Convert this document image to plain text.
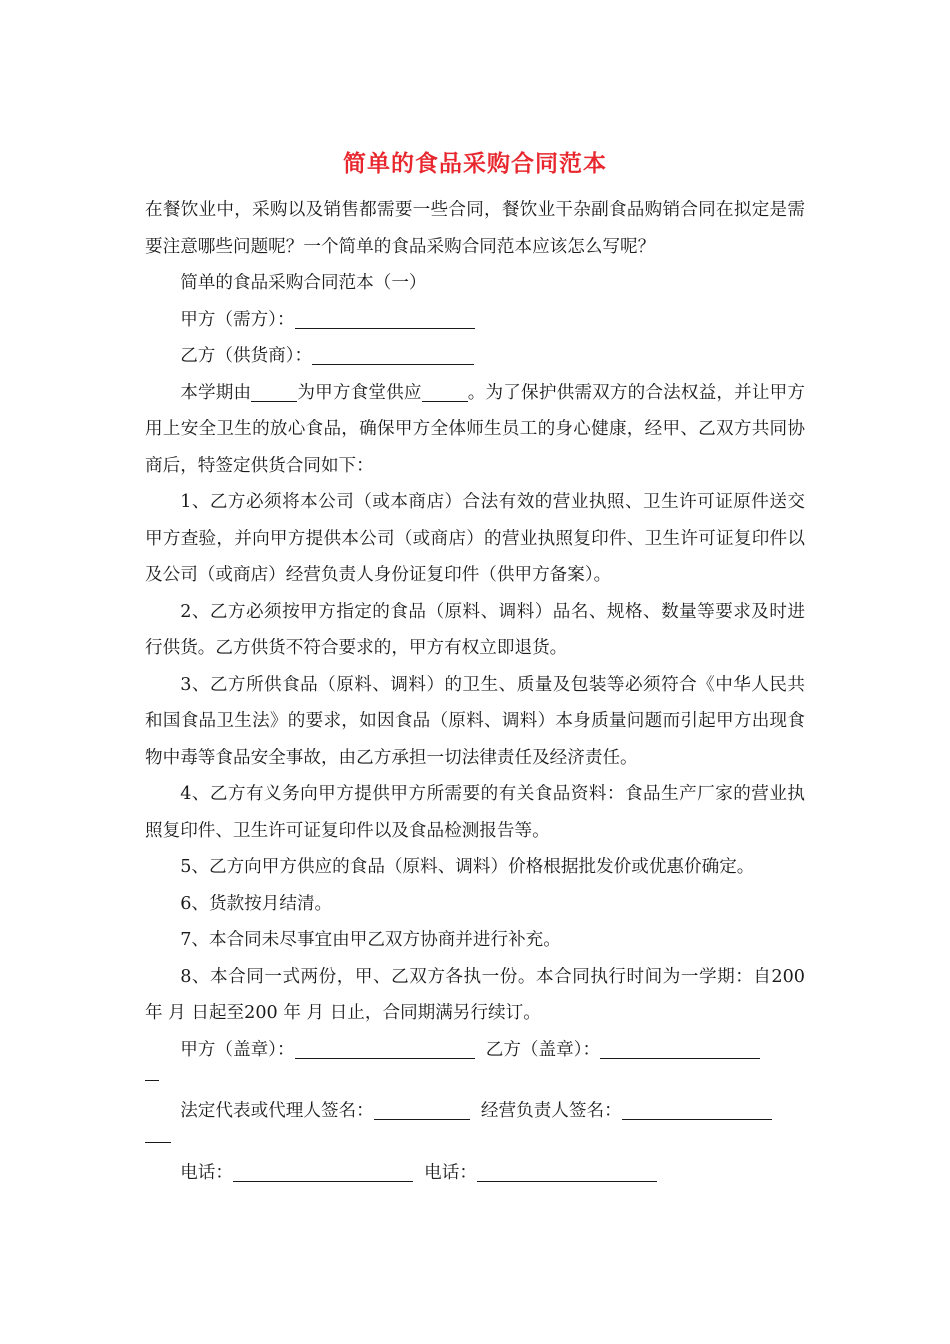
简单的食品采购合同范本

在餐饮业中，采购以及销售都需要一些合同，餐饮业干杂副食品购销合同在拟定是需要注意哪些问题呢？一个简单的食品采购合同范本应该怎么写呢？

简单的食品采购合同范本（一）

甲方（需方）：

乙方（供货商）：

本学期由	为甲方食堂供应	。为了保护供需双方的合法权益，并让甲方用上安全卫生的放心食品，确保甲方全体师生员工的身心健康，经甲、乙双方共同协商后，特签定供货合同如下：

1、乙方必须将本公司（或本商店）合法有效的营业执照、卫生许可证原件送交甲方查验，并向甲方提供本公司（或商店）的营业执照复印件、卫生许可证复印件以及公司（或商店）经营负责人身份证复印件（供甲方备案）。

2、乙方必须按甲方指定的食品（原料、调料）品名、规格、数量等要求及时进行供货。乙方供货不符合要求的，甲方有权立即退货。

3、乙方所供食品（原料、调料）的卫生、质量及包装等必须符合《中华人民共和国食品卫生法》的要求，如因食品（原料、调料）本身质量问题而引起甲方出现食物中毒等食品安全事故，由乙方承担一切法律责任及经济责任。

4、乙方有义务向甲方提供甲方所需要的有关食品资料：食品生产厂家的营业执照复印件、卫生许可证复印件以及食品检测报告等。

5、乙方向甲方供应的食品（原料、调料）价格根据批发价或优惠价确定。

6、货款按月结清。

7、本合同未尽事宜由甲乙双方协商并进行补充。

8、本合同一式两份，甲、乙双方各执一份。本合同执行时间为一学期：自200 年 月 日起至200 年 月 日止，合同期满另行续订。

甲方（盖章）：	乙方（盖章）：

法定代表或代理人签名：	经营负责人签名：

电话：	电话：
